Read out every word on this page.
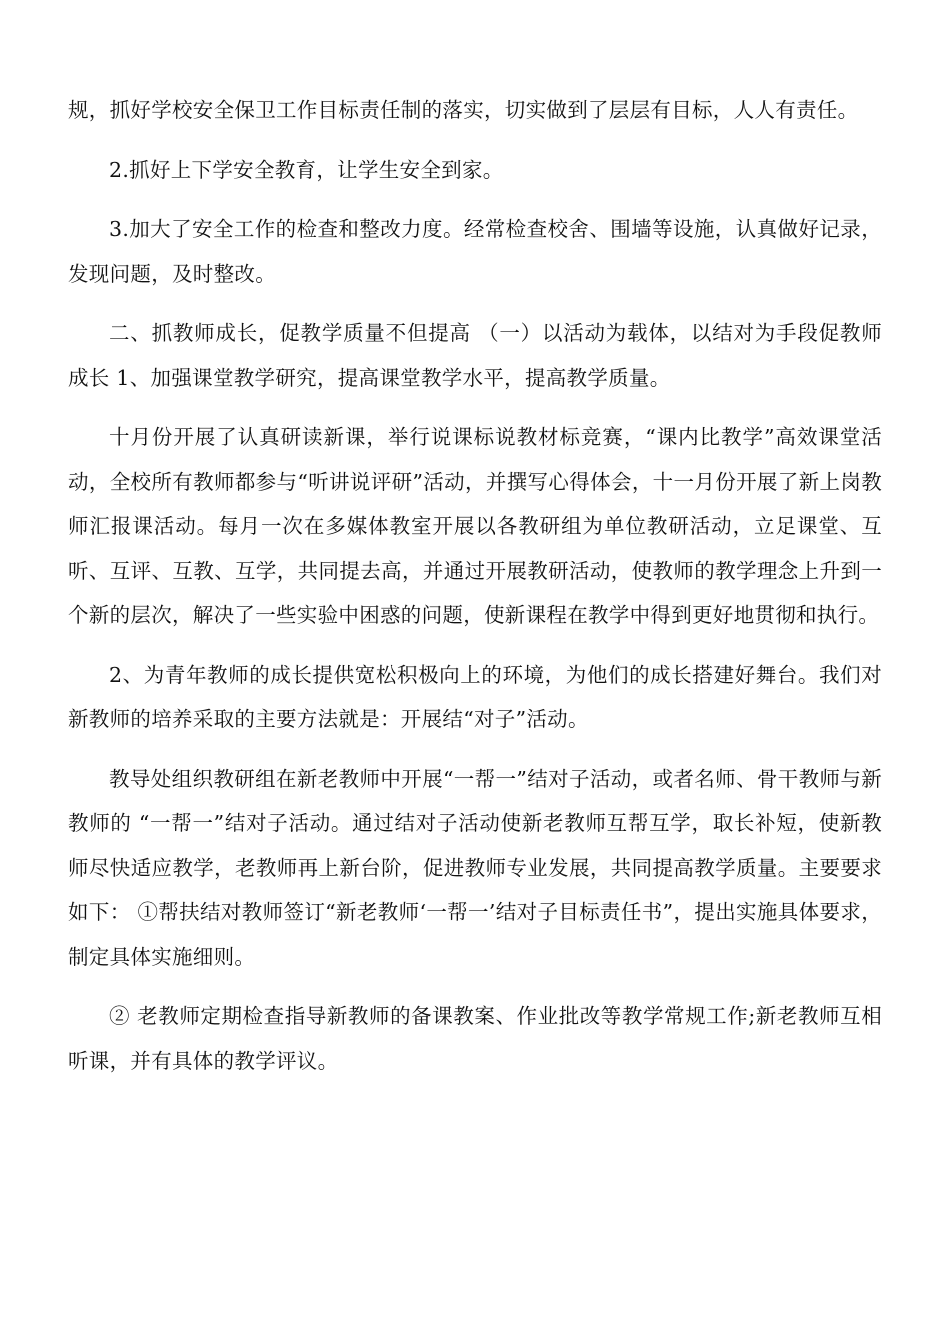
规，抓好学校安全保卫工作目标责任制的落实，切实做到了层层有目标，人人有责任。

2.抓好上下学安全教育，让学生安全到家。

3.加大了安全工作的检查和整改力度。经常检查校舍、围墙等设施，认真做好记录，发现问题，及时整改。

二、抓教师成长，促教学质量不但提高 （一）以活动为载体，以结对为手段促教师成长 1、加强课堂教学研究，提高课堂教学水平，提高教学质量。

十月份开展了认真研读新课，举行说课标说教材标竞赛，“课内比教学”高效课堂活动，全校所有教师都参与“听讲说评研”活动，并撰写心得体会，十一月份开展了新上岗教师汇报课活动。每月一次在多媒体教室开展以各教研组为单位教研活动，立足课堂、互听、互评、互教、互学，共同提去高，并通过开展教研活动，使教师的教学理念上升到一个新的层次，解决了一些实验中困惑的问题，使新课程在教学中得到更好地贯彻和执行。

2、为青年教师的成长提供宽松积极向上的环境，为他们的成长搭建好舞台。我们对新教师的培养采取的主要方法就是：开展结“对子”活动。

教导处组织教研组在新老教师中开展“一帮一”结对子活动，或者名师、骨干教师与新教师的 “一帮一”结对子活动。通过结对子活动使新老教师互帮互学，取长补短，使新教师尽快适应教学，老教师再上新台阶，促进教师专业发展，共同提高教学质量。主要要求如下： ①帮扶结对教师签订“新老教师‘一帮一’结对子目标责任书”，提出实施具体要求，制定具体实施细则。

② 老教师定期检查指导新教师的备课教案、作业批改等教学常规工作;新老教师互相听课，并有具体的教学评议。
